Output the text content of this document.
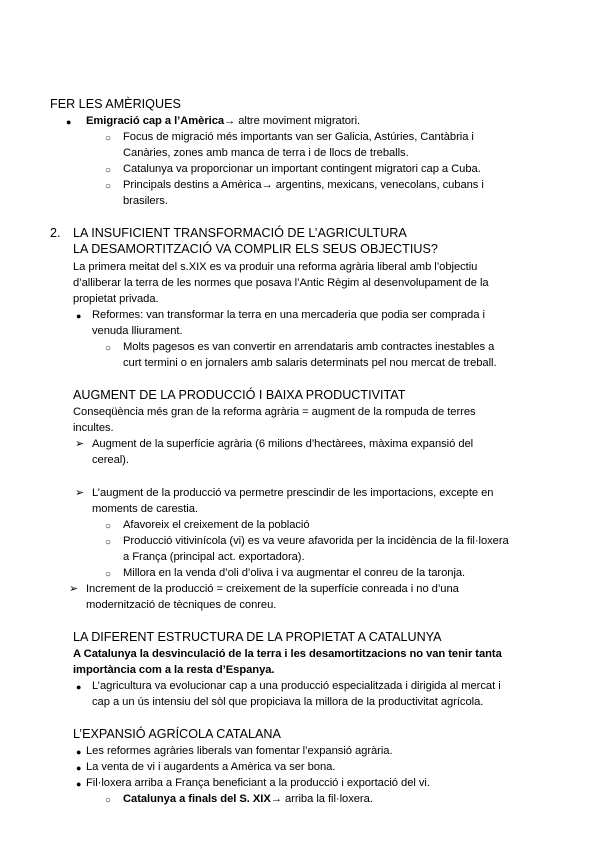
FER LES AMÈRIQUES
● Emigració cap a l’Amèrica→ altre moviment migratori.
○ Focus de migració més importants van ser Galicia, Astúries, Cantàbria i
Canàries, zones amb manca de terra i de llocs de treballs.
○ Catalunya va proporcionar un important contingent migratori cap a Cuba.
○ Principals destins a Amèrica→ argentins, mexicans, venecolans, cubans i
brasilers.
2. LA INSUFICIENT TRANSFORMACIÓ DE L’AGRICULTURA
LA DESAMORTITZACIÓ VA COMPLIR ELS SEUS OBJECTIUS?
La primera meitat del s.XIX es va produir una reforma agrària liberal amb l’objectiu
d’alliberar la terra de les normes que posava l’Antic Règim al desenvolupament de la
propietat privada.
● Reformes: van transformar la terra en una mercaderia que podia ser comprada i
venuda lliurament.
○ Molts pagesos es van convertir en arrendataris amb contractes inestables a
curt termini o en jornalers amb salaris determinats pel nou mercat de treball.
AUGMENT DE LA PRODUCCIÓ I BAIXA PRODUCTIVITAT
Conseqüència més gran de la reforma agrària = augment de la rompuda de terres
incultes.
➢ Augment de la superfície agrària (6 milions d’hectàrees, màxima expansió del
cereal).
➢ L’augment de la producció va permetre prescindir de les importacions, excepte en
moments de carestia.
○ Afavoreix el creixement de la població
○ Producció vitivinícola (vi) es va veure afavorida per la incidència de la fil·loxera
a França (principal act. exportadora).
○ Millora en la venda d’oli d’oliva i va augmentar el conreu de la taronja.
➢ Increment de la producció = creixement de la superfície conreada i no d’una
modernització de tècniques de conreu.
LA DIFERENT ESTRUCTURA DE LA PROPIETAT A CATALUNYA
A Catalunya la desvinculació de la terra i les desamortitzacions no van tenir tanta
importància com a la resta d’Espanya.
● L’agricultura va evolucionar cap a una producció especialitzada i dirigida al mercat i
cap a un ús intensiu del sòl que propiciava la millora de la productivitat agrícola.
L’EXPANSIÓ AGRÍCOLA CATALANA
● Les reformes agràries liberals van fomentar l’expansió agrària.
● La venta de vi i augardents a Amèrica va ser bona.
● Fil·loxera arriba a França beneficiant a la producció i exportació del vi.
○ Catalunya a finals del S. XIX→ arriba la fil·loxera.
